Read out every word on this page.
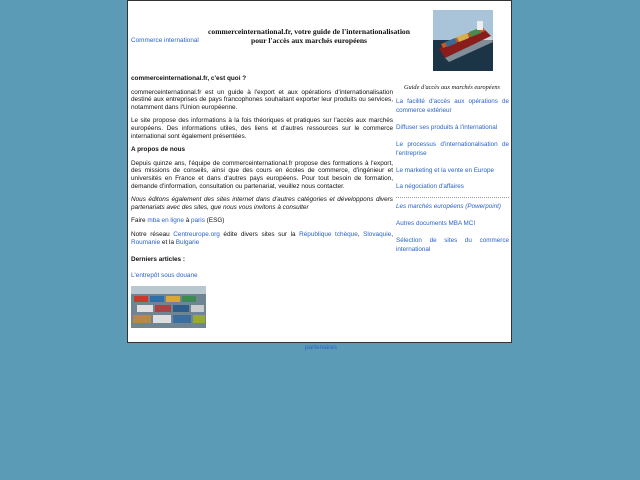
Commerce international
commerceinternational.fr, votre guide de l'internationalisation pour l'accès aux marchés européens
Guide d'accès aux marchés européens

commerceinternational.fr, c'est quoi ?

commerceinternational.fr est un guide à l'export et aux opérations d'internationalisation destiné aux entreprises de pays francophones souhaitant exporter leur produits ou services, notamment dans l'Union européenne.

Le site propose des informations à la fois théoriques et pratiques sur l'accès aux marchés européens. Des informations utiles, des liens et d'autres ressources sur le commerce international sont également présentées.

A propos de nous

Depuis quinze ans, l'équipe de commerceinternational.fr propose des formations à l'export, des missions de conseils, ainsi que des cours en écoles de commerce, d'ingénieur et universités en France et dans d'autres pays européens. Pour tout besoin de formation, demande d'information, consultation ou partenariat, veuillez nous contacter.

Nous éditons également des sites internet dans d'autres catégories et développons divers partenariats avec des sites, que nous vous invitons à consulter

Faire mba en ligne à paris (ESG)

Notre réseau Centreurope.org édite divers sites sur la République tchèque, Slovaquie, Roumanie et la Bulgarie

Derniers articles :

L'entrepôt sous douane

La facilité d'accès aux opérations de commerce extérieur
Diffuser ses produits à l'international
Le processus d'internationalisation de l'entreprise
Le marketing et la vente en Europe
La négociation d'affaires
Les marchés européens (Powerpoint)
Autres documents MBA MCI
Sélection de sites du commerce international
partenaires
